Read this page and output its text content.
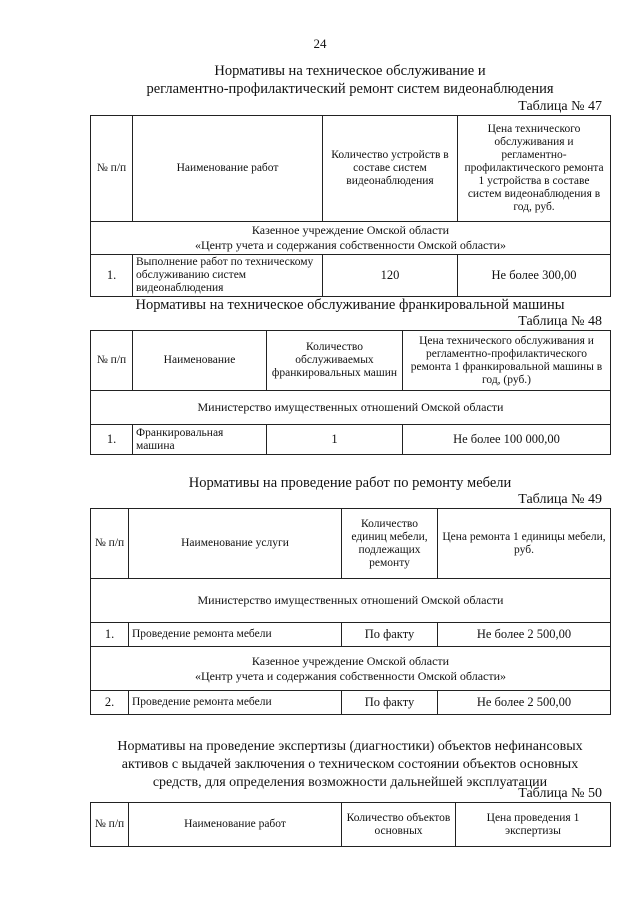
24
Нормативы на техническое обслуживание и
регламентно-профилактический ремонт систем видеонаблюдения
Таблица № 47
№ п/п	Наименование работ	Количество устройств в составе систем видеонаблюдения	Цена технического обслуживания и регламентно-профилактического ремонта 1 устройства в составе систем видеонаблюдения в год, руб.

Казенное учреждение Омской области
«Центр учета и содержания собственности Омской области»			

1.	Выполнение работ по техническому обслуживанию систем видеонаблюдения	120	Не более 300,00
Нормативы на техническое обслуживание франкировальной машины
Таблица № 48
№ п/п	Наименование	Количество обслуживаемых франкировальных машин	Цена технического обслуживания и регламентно-профилактического ремонта 1 франкировальной машины в год, (руб.)

Министерство имущественных отношений Омской области			

1.	Франкировальная машина	1	Не более 100 000,00
Нормативы на проведение работ по ремонту мебели
Таблица № 49
№ п/п	Наименование услуги	Количество единиц мебели, подлежащих ремонту	Цена ремонта 1 единицы мебели, руб.

Министерство имущественных отношений Омской области			

1.	Проведение ремонта мебели	По факту	Не более 2 500,00

Казенное учреждение Омской области
«Центр учета и содержания собственности Омской области»			

2.	Проведение ремонта мебели	По факту	Не более 2 500,00
Нормативы на проведение экспертизы (диагностики) объектов нефинансовых
активов с выдачей заключения о техническом состоянии объектов основных
средств, для определения возможности дальнейшей эксплуатации
Таблица № 50
№ п/п	Наименование работ	Количество объектов основных	Цена проведения 1 экспертизы
